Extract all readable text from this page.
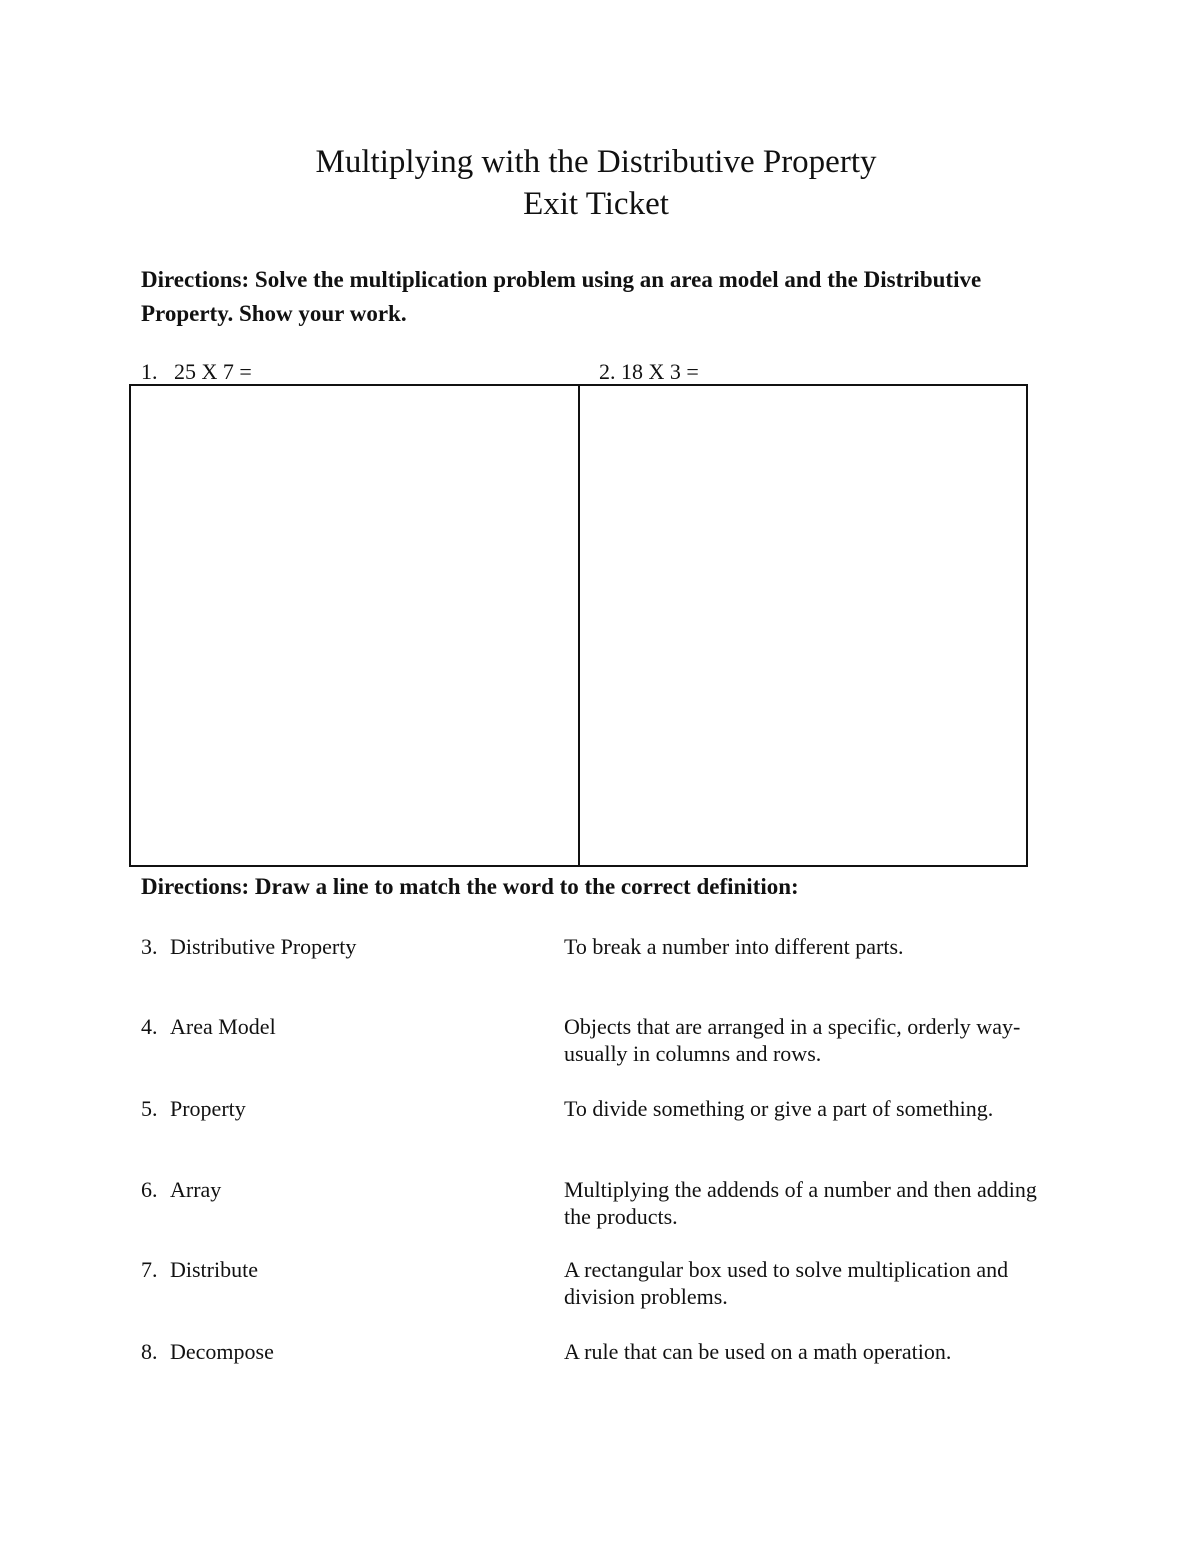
Multiplying with the Distributive Property
Exit Ticket
Directions: Solve the multiplication problem using an area model and the Distributive Property. Show your work.
1.   25 X 7 =	2. 18 X 3 =
Directions: Draw a line to match the word to the correct definition:
3. Distributive Property
4. Area Model
5. Property
6. Array
7. Distribute
8. Decompose
To break a number into different parts.
Objects that are arranged in a specific, orderly way-usually in columns and rows.
To divide something or give a part of something.
Multiplying the addends of a number and then adding the products.
A rectangular box used to solve multiplication and division problems.
A rule that can be used on a math operation.
